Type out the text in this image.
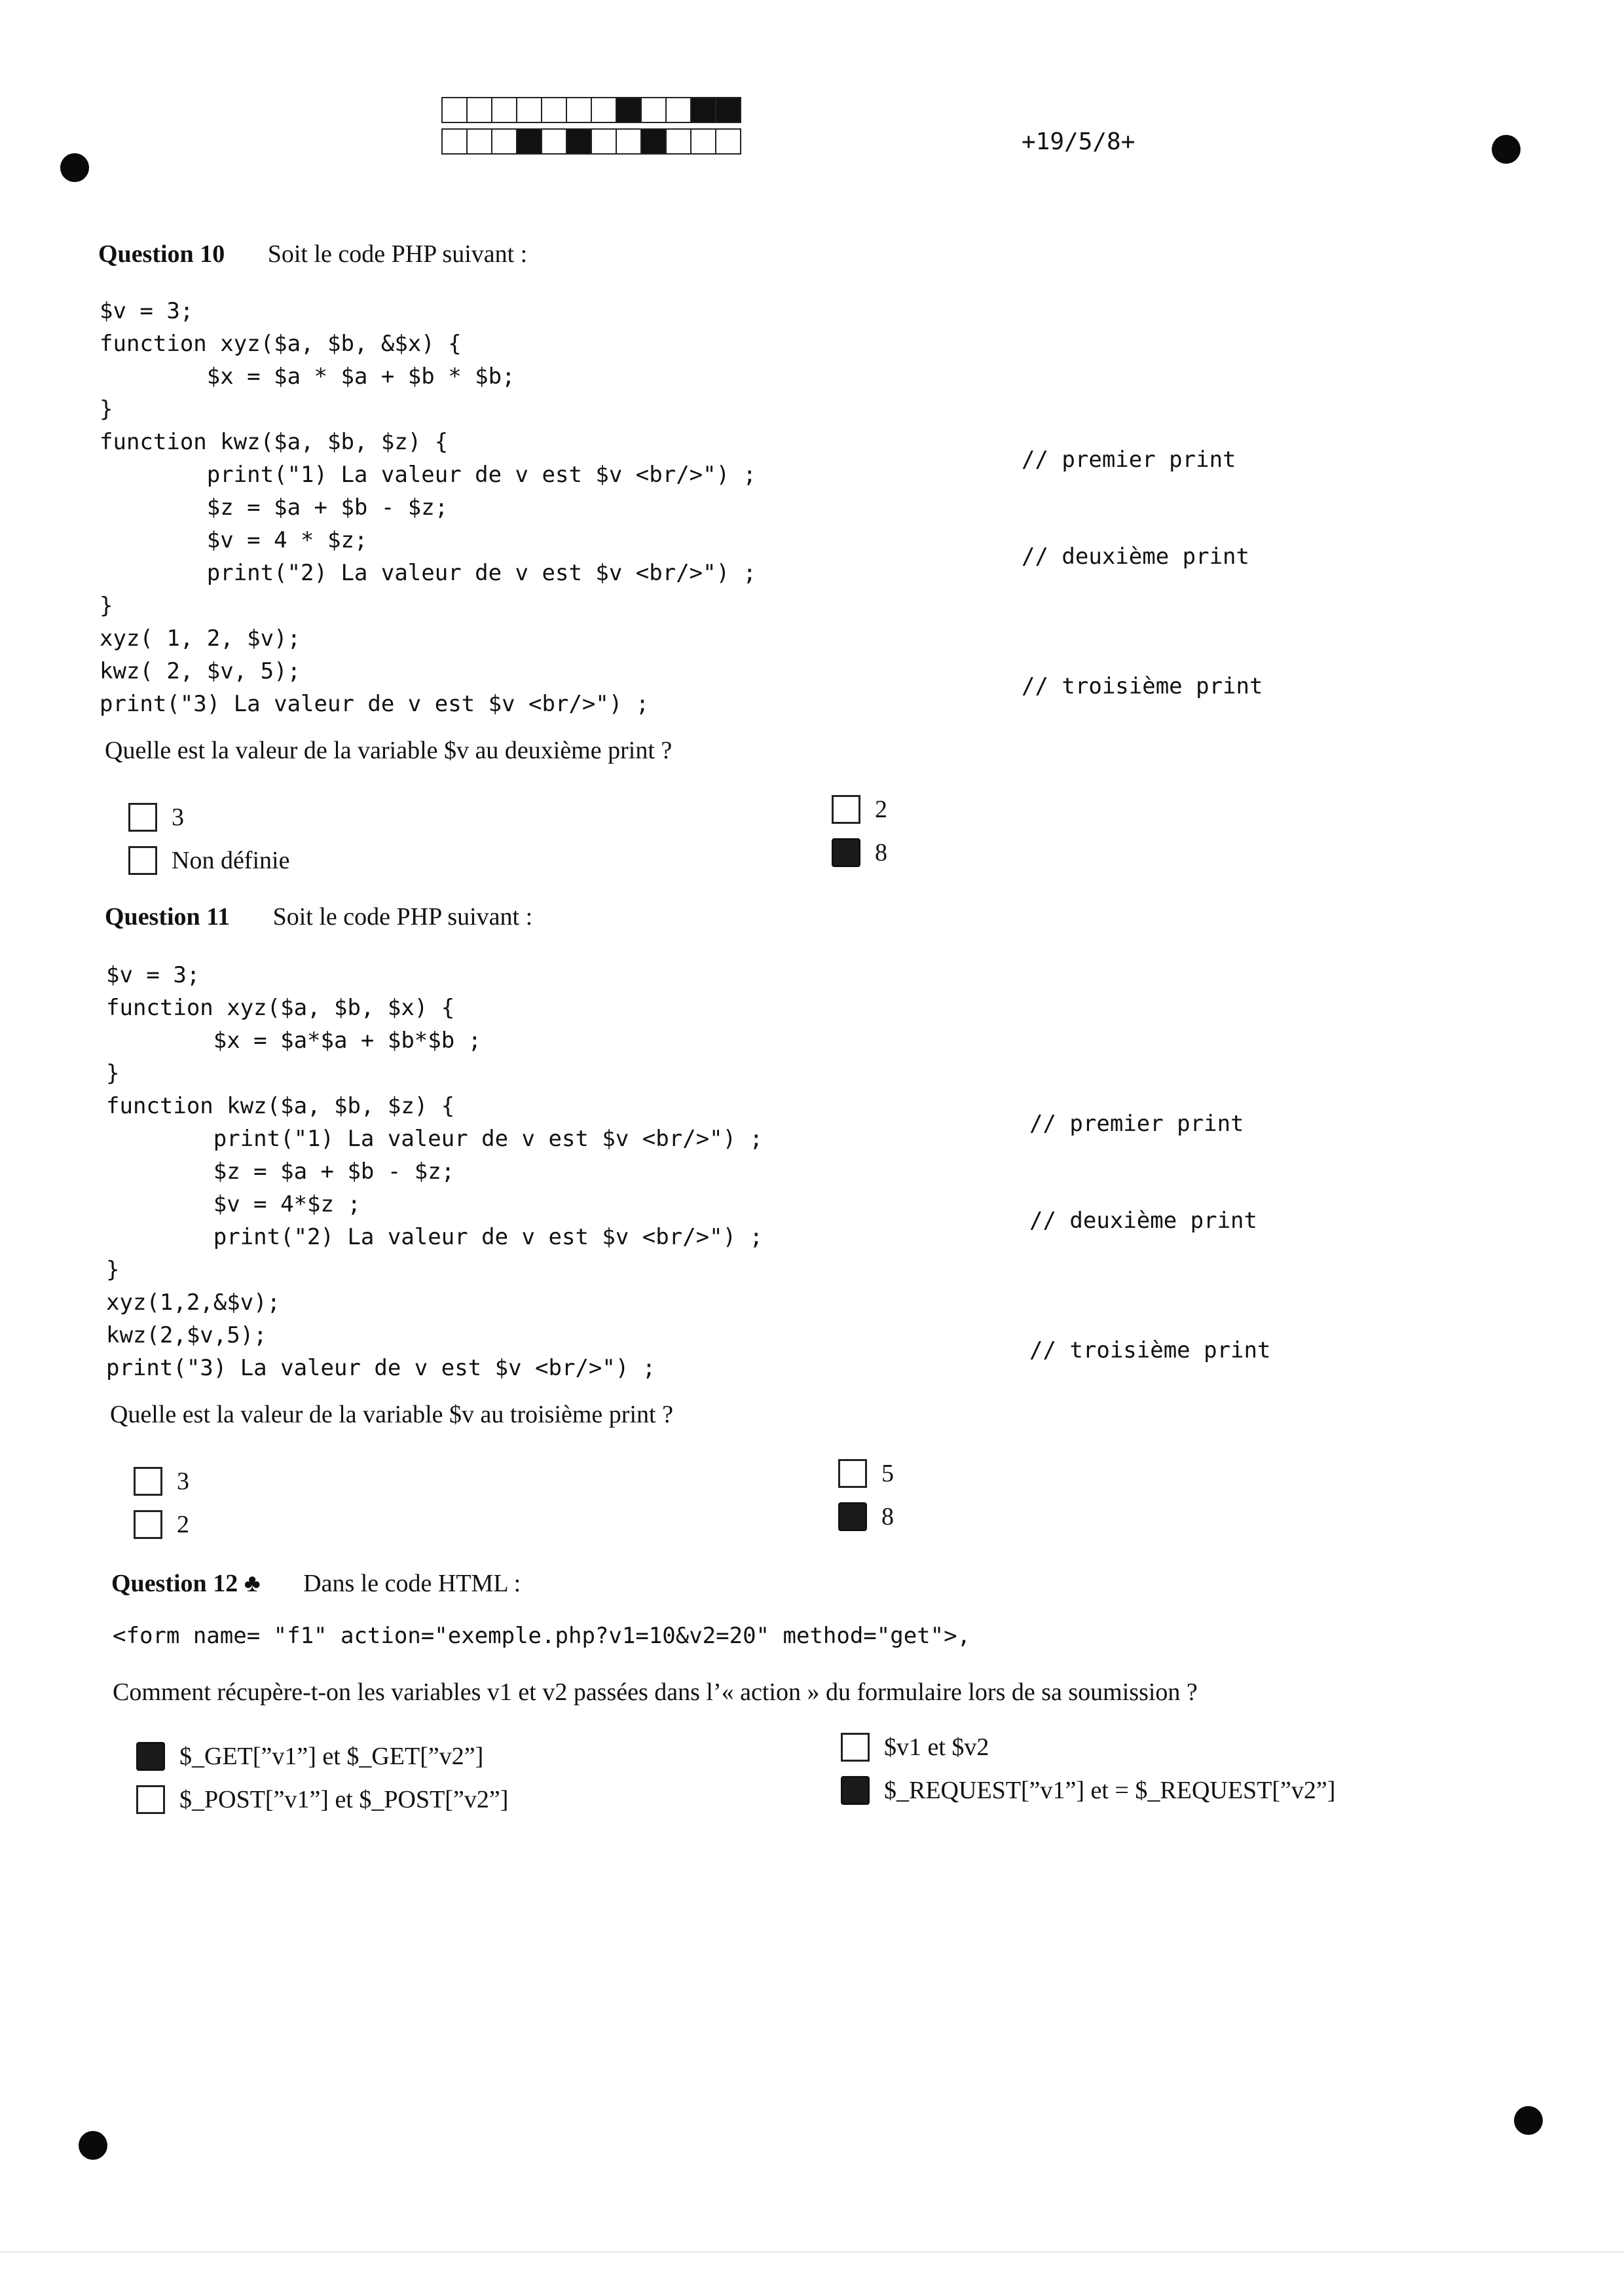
+19/5/8+
Question 10 Soit le code PHP suivant :
$v = 3;
function xyz($a, $b, &$x) {
$x = $a * $a + $b * $b;
}
function kwz($a, $b, $z) {
print("1) La valeur de v est $v <br/>") ;
$z = $a + $b - $z;
$v = 4 * $z;
print("2) La valeur de v est $v <br/>") ;
}
xyz( 1, 2, $v);
kwz( 2, $v, 5);
print("3) La valeur de v est $v <br/>") ;

// premier print
// deuxième print
// troisième print
Quelle est la valeur de la variable $v au deuxième print ?
3
Non définie
2
8
Question 11 Soit le code PHP suivant :
$v = 3;
function xyz($a, $b, $x) {
$x = $a*$a + $b*$b ;
}
function kwz($a, $b, $z) {
print("1) La valeur de v est $v <br/>") ;
$z = $a + $b - $z;
$v = 4*$z ;
print("2) La valeur de v est $v <br/>") ;
}
xyz(1,2,&$v);
kwz(2,$v,5);
print("3) La valeur de v est $v <br/>") ;

// premier print
// deuxième print
// troisième print
Quelle est la valeur de la variable $v au troisième print ?
3
2
5
8
Question 12 ♣ Dans le code HTML :
<form name= "f1" action="exemple.php?v1=10&v2=20" method="get">,
Comment récupère-t-on les variables v1 et v2 passées dans l’« action » du formulaire lors de sa soumission ?
$_GET[”v1”] et $_GET[”v2”]
$_POST[”v1”] et $_POST[”v2”]
$v1 et $v2
$_REQUEST[”v1”] et = $_REQUEST[”v2”]
